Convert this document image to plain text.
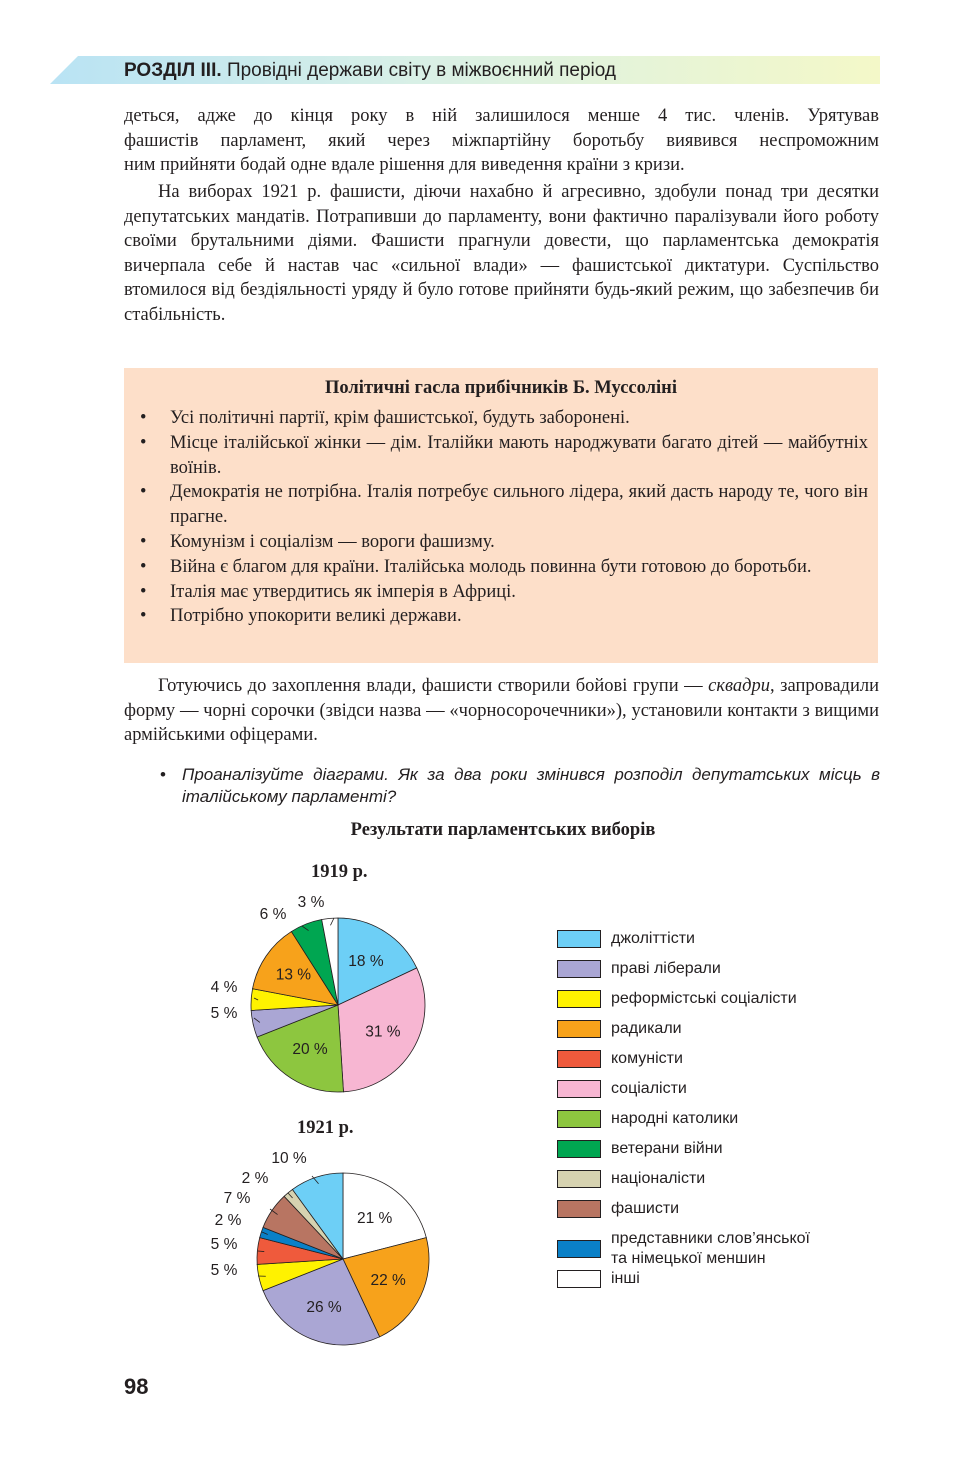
РОЗДІЛ ІІІ. Провідні держави світу в міжвоєнний період
деться, адже до кінця року в ній залишилося менше 4 тис. членів. Урятував
фашистів парламент, який через міжпартійну боротьбу виявився неспроможним
ним прийняти бодай одне вдале рішення для виведення країни з кризи.

На виборах 1921 р. фашисти, діючи нахабно й агресивно, здобули понад три десятки депутатських мандатів. Потрапивши до парламенту, вони фактично паралізували його роботу своїми брутальними діями. Фашисти прагнули довести, що парламентська демократія вичерпала себе й настав час «сильної влади» — фашистської диктатури. Суспільство втомилося від бездіяльності уряду й було готове прийняти будь-який режим, що забезпечив би стабільність.

Політичні гасла прибічників Б. Муссоліні
• Усі політичні партії, крім фашистської, будуть заборонені.
• Місце італійської жінки — дім. Італійки мають народжувати багато дітей — майбутніх воїнів.
• Демократія не потрібна. Італія потребує сильного лідера, який дасть народу те, чого він прагне.
• Комунізм і соціалізм — вороги фашизму.
• Війна є благом для країни. Італійська молодь повинна бути готовою до боротьби.
• Італія має утвердитись як імперія в Африці.
• Потрібно упокорити великі держави.

Готуючись до захоплення влади, фашисти створили бойові групи — сквадри, запровадили форму — чорні сорочки (звідси назва — «чорносорочечники»), установили контакти з вищими армійськими офіцерами.

• Проаналізуйте діаграми. Як за два роки змінився розподіл депутатських місць в італійському парламенті?
Результати парламентських виборів
1919 р.
1921 р.
18 %
31 %
20 %
5 %
4 %
13 %
6 %
3 %
21 %
22 %
26 %
5 %
5 %
2 %
7 %
2 %
10 %
джоліттісти
праві ліберали
реформістські соціалісти
радикали
комуністи
соціалісти
народні католики
ветерани війни
націоналісти
фашисти
представники слов’янської
та німецької меншин
інші
98
